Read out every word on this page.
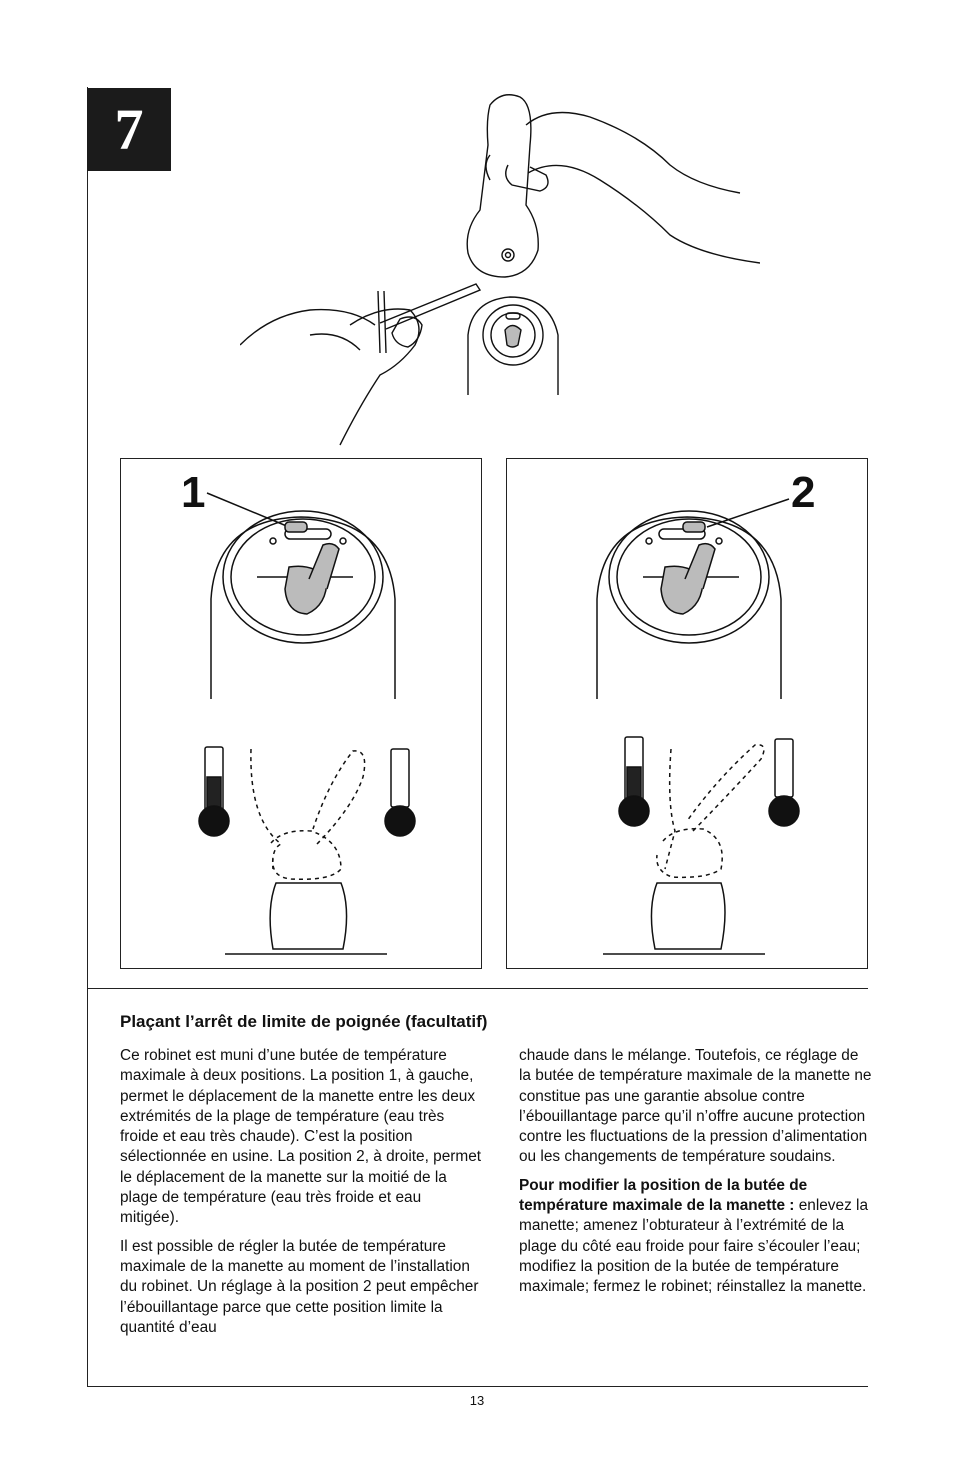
7
1	2
Plaçant l’arrêt de limite de poignée (facultatif)

Ce robinet est muni d’une butée de température maximale à deux positions. La position 1, à gauche, permet le déplacement de la manette entre les deux extrémités de la plage de température (eau très froide et eau très chaude). C’est la position sélectionnée en usine. La position 2, à droite, permet le déplacement de la manette sur la moitié de la plage de température (eau très froide et eau mitigée).

Il est possible de régler la butée de température maximale de la manette au moment de l’installation du robinet. Un réglage à la position 2 peut empêcher l’ébouillantage parce que cette position limite la quantité d’eau

chaude dans le mélange. Toutefois, ce réglage de la butée de température maximale de la manette ne constitue pas une garantie absolue contre l’ébouillantage parce qu’il n’offre aucune protection contre les fluctuations de la pression d’alimentation ou les changements de température soudains.

Pour modifier la position de la butée de température maximale de la manette : enlevez la manette; amenez l’obturateur à l’extrémité de la plage du côté eau froide pour faire s’écouler l’eau; modifiez la position de la butée de température maximale; fermez le robinet; réinstallez la manette.

13
